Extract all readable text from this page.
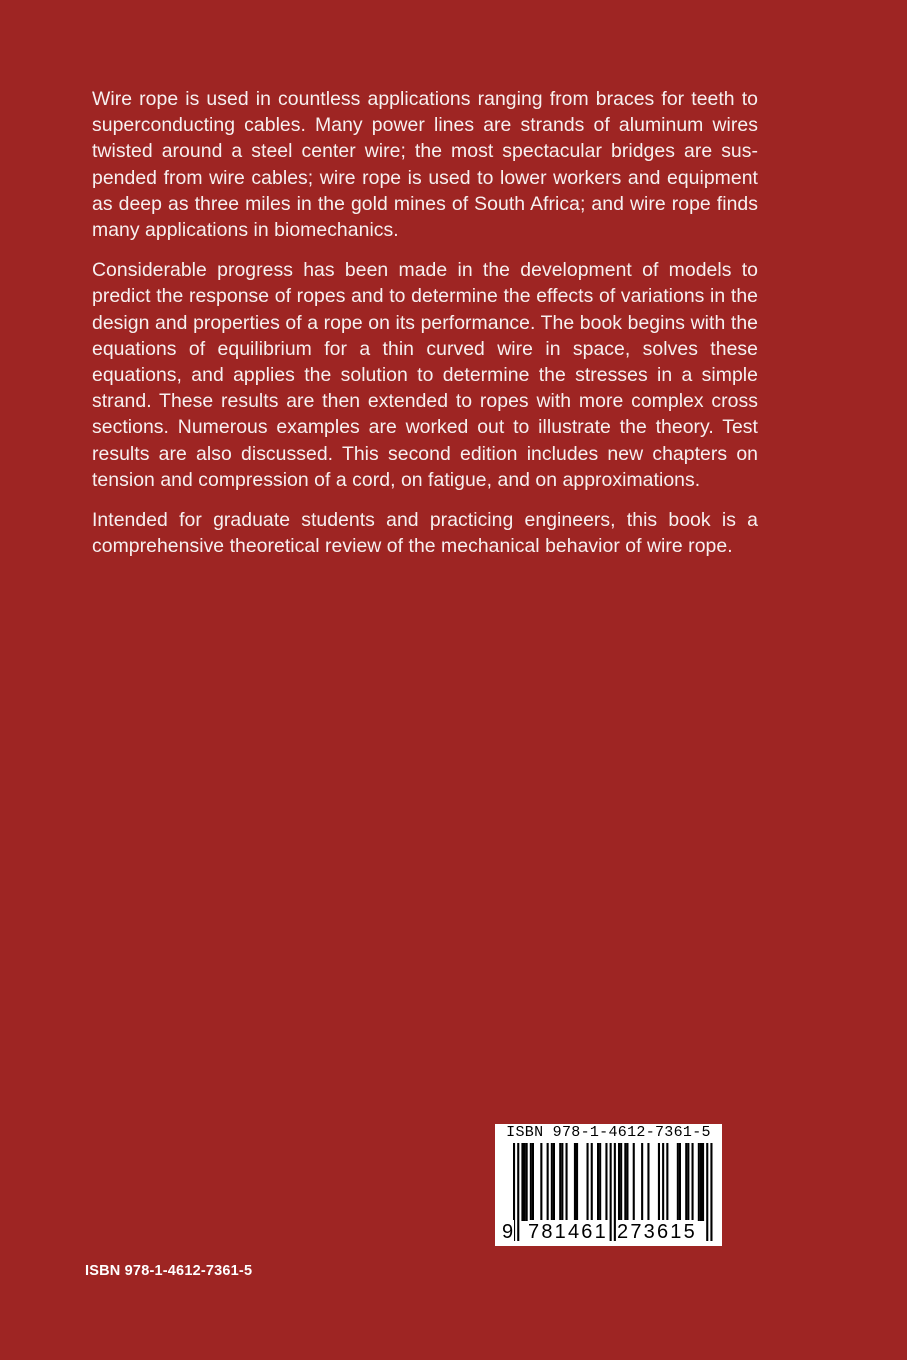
Wire rope is used in countless applications ranging from braces for teeth to superconducting cables. Many power lines are strands of aluminum wires twisted around a steel center wire; the most spectacular bridges are suspended from wire cables; wire rope is used to lower workers and equipment as deep as three miles in the gold mines of South Africa; and wire rope finds many applications in biomechanics.

Considerable progress has been made in the development of models to predict the response of ropes and to determine the effects of variations in the design and properties of a rope on its performance. The book begins with the equations of equilibrium for a thin curved wire in space, solves these equations, and applies the solution to determine the stresses in a simple strand. These results are then extended to ropes with more complex cross sections. Numerous examples are worked out to illustrate the theory. Test results are also discussed. This second edition includes new chapters on tension and compression of a cord, on fatigue, and on approximations.

Intended for graduate students and practicing engineers, this book is a comprehensive theoretical review of the mechanical behavior of wire rope.

ISBN 978-1-4612-7361-5
9 781461 273615
ISBN 978-1-4612-7361-5
